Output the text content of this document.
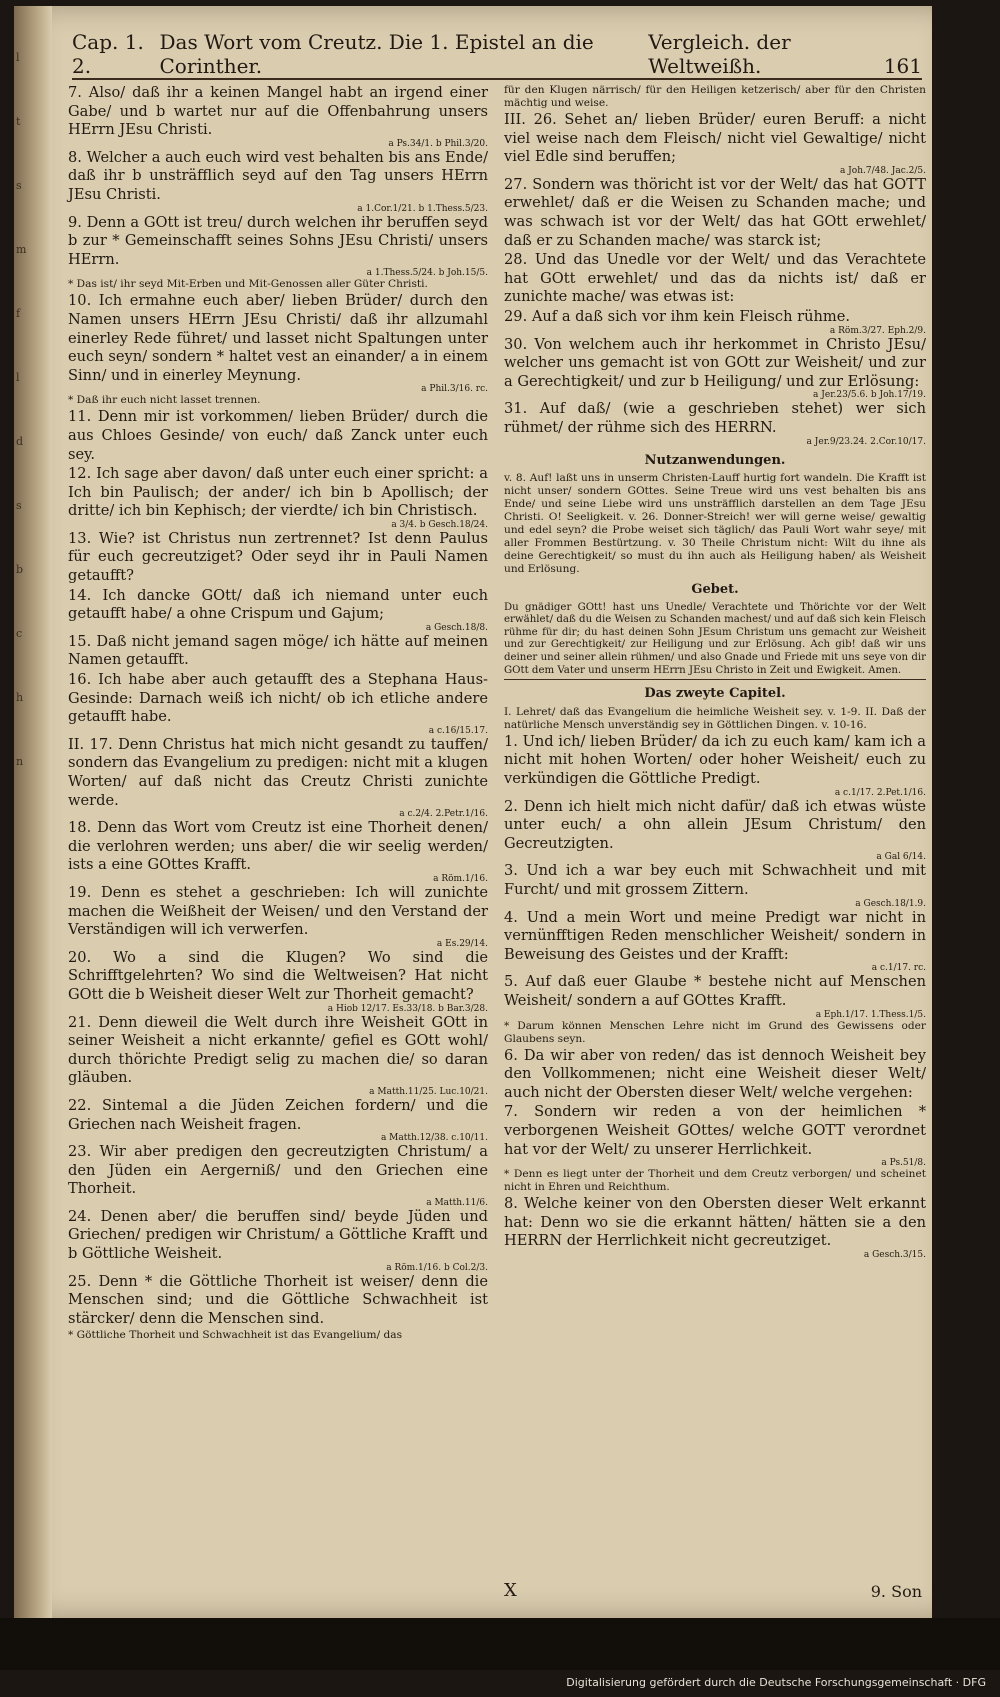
l
t
s
m
f
l
d
s
b
c
h
n
Cap. 1. 2.
Das Wort vom Creutz. Die 1. Epistel an die Corinther.
Vergleich. der Weltweißh.	161

7. Also/ daß ihr a keinen Mangel habt an irgend einer Gabe/ und b wartet nur auf die Offenbahrung unsers HErrn JEsu Christi.

a Ps.34/1. b Phil.3/20.

8. Welcher a auch euch wird vest behalten bis ans Ende/ daß ihr b unsträfflich seyd auf den Tag unsers HErrn JEsu Christi.

a 1.Cor.1/21. b 1.Thess.5/23.

9. Denn a GOtt ist treu/ durch welchen ihr beruffen seyd b zur * Gemeinschafft seines Sohns JEsu Christi/ unsers HErrn.

a 1.Thess.5/24. b Joh.15/5.

* Das ist/ ihr seyd Mit-Erben und Mit-Genossen aller Güter Christi.

10. Ich ermahne euch aber/ lieben Brüder/ durch den Namen unsers HErrn JEsu Christi/ daß ihr allzumahl einerley Rede führet/ und lasset nicht Spaltungen unter euch seyn/ sondern * haltet vest an einander/ a in einem Sinn/ und in einerley Meynung.

a Phil.3/16. rc.

* Daß ihr euch nicht lasset trennen.

11. Denn mir ist vorkommen/ lieben Brüder/ durch die aus Chloes Gesinde/ von euch/ daß Zanck unter euch sey.

12. Ich sage aber davon/ daß unter euch einer spricht: a Ich bin Paulisch; der ander/ ich bin b Apollisch; der dritte/ ich bin Kephisch; der vierdte/ ich bin Christisch.

a 3/4. b Gesch.18/24.

13. Wie? ist Christus nun zertrennet? Ist denn Paulus für euch gecreutziget? Oder seyd ihr in Pauli Namen getaufft?

14. Ich dancke GOtt/ daß ich niemand unter euch getaufft habe/ a ohne Crispum und Gajum;

a Gesch.18/8.

15. Daß nicht jemand sagen möge/ ich hätte auf meinen Namen getaufft.

16. Ich habe aber auch getaufft des a Stephana Haus-Gesinde: Darnach weiß ich nicht/ ob ich etliche andere getaufft habe.

a c.16/15.17.

II. 17. Denn Christus hat mich nicht gesandt zu tauffen/ sondern das Evangelium zu predigen: nicht mit a klugen Worten/ auf daß nicht das Creutz Christi zunichte werde.

a c.2/4. 2.Petr.1/16.

18. Denn das Wort vom Creutz ist eine Thorheit denen/ die verlohren werden; uns aber/ die wir seelig werden/ ists a eine GOttes Krafft.

a Röm.1/16.

19. Denn es stehet a geschrieben: Ich will zunichte machen die Weißheit der Weisen/ und den Verstand der Verständigen will ich verwerfen.

a Es.29/14.

20. Wo a sind die Klugen? Wo sind die Schrifftgelehrten? Wo sind die Weltweisen? Hat nicht GOtt die b Weisheit dieser Welt zur Thorheit gemacht?

a Hiob 12/17. Es.33/18. b Bar.3/28.

21. Denn dieweil die Welt durch ihre Weisheit GOtt in seiner Weisheit a nicht erkannte/ gefiel es GOtt wohl/ durch thörichte Predigt selig zu machen die/ so daran gläuben.

a Matth.11/25. Luc.10/21.

22. Sintemal a die Jüden Zeichen fordern/ und die Griechen nach Weisheit fragen.

a Matth.12/38. c.10/11.

23. Wir aber predigen den gecreutzigten Christum/ a den Jüden ein Aergerniß/ und den Griechen eine Thorheit.

a Matth.11/6.

24. Denen aber/ die beruffen sind/ beyde Jüden und Griechen/ predigen wir Christum/ a Göttliche Krafft und b Göttliche Weisheit.

a Röm.1/16. b Col.2/3.

25. Denn * die Göttliche Thorheit ist weiser/ denn die Menschen sind; und die Göttliche Schwachheit ist stärcker/ denn die Menschen sind.

* Göttliche Thorheit und Schwachheit ist das Evangelium/ das

für den Klugen närrisch/ für den Heiligen ketzerisch/ aber für den Christen mächtig und weise.

III. 26. Sehet an/ lieben Brüder/ euren Beruff: a nicht viel weise nach dem Fleisch/ nicht viel Gewaltige/ nicht viel Edle sind beruffen;

a Joh.7/48. Jac.2/5.

27. Sondern was thöricht ist vor der Welt/ das hat GOTT erwehlet/ daß er die Weisen zu Schanden mache; und was schwach ist vor der Welt/ das hat GOtt erwehlet/ daß er zu Schanden mache/ was starck ist;

28. Und das Unedle vor der Welt/ und das Verachtete hat GOtt erwehlet/ und das da nichts ist/ daß er zunichte mache/ was etwas ist:

29. Auf a daß sich vor ihm kein Fleisch rühme.

a Röm.3/27. Eph.2/9.

30. Von welchem auch ihr herkommet in Christo JEsu/ welcher uns gemacht ist von GOtt zur Weisheit/ und zur a Gerechtigkeit/ und zur b Heiligung/ und zur Erlösung:

a Jer.23/5.6. b Joh.17/19.

31. Auf daß/ (wie a geschrieben stehet) wer sich rühmet/ der rühme sich des HERRN.

a Jer.9/23.24. 2.Cor.10/17.
Nutzanwendungen.

v. 8. Auf! laßt uns in unserm Christen-Lauff hurtig fort wandeln. Die Krafft ist nicht unser/ sondern GOttes. Seine Treue wird uns vest behalten bis ans Ende/ und seine Liebe wird uns unsträfflich darstellen an dem Tage JEsu Christi. O! Seeligkeit. v. 26. Donner-Streich! wer will gerne weise/ gewaltig und edel seyn? die Probe weiset sich täglich/ das Pauli Wort wahr seye/ mit aller Frommen Bestürtzung. v. 30 Theile Christum nicht: Wilt du ihne als deine Gerechtigkeit/ so must du ihn auch als Heiligung haben/ als Weisheit und Erlösung.

Gebet.

Du gnädiger GOtt! hast uns Unedle/ Verachtete und Thörichte vor der Welt erwählet/ daß du die Weisen zu Schanden machest/ und auf daß sich kein Fleisch rühme für dir; du hast deinen Sohn JEsum Christum uns gemacht zur Weisheit und zur Gerechtigkeit/ zur Heiligung und zur Erlösung. Ach gib! daß wir uns deiner und seiner allein rühmen/ und also Gnade und Friede mit uns seye von dir GOtt dem Vater und unserm HErrn JEsu Christo in Zeit und Ewigkeit. Amen.

Das zweyte Capitel.

I. Lehret/ daß das Evangelium die heimliche Weisheit sey. v. 1-9. II. Daß der natürliche Mensch unverständig sey in Göttlichen Dingen. v. 10-16.

1. Und ich/ lieben Brüder/ da ich zu euch kam/ kam ich a nicht mit hohen Worten/ oder hoher Weisheit/ euch zu verkündigen die Göttliche Predigt.

a c.1/17. 2.Pet.1/16.

2. Denn ich hielt mich nicht dafür/ daß ich etwas wüste unter euch/ a ohn allein JEsum Christum/ den Gecreutzigten.

a Gal 6/14.

3. Und ich a war bey euch mit Schwachheit und mit Furcht/ und mit grossem Zittern.

a Gesch.18/1.9.

4. Und a mein Wort und meine Predigt war nicht in vernünfftigen Reden menschlicher Weisheit/ sondern in Beweisung des Geistes und der Krafft:

a c.1/17. rc.

5. Auf daß euer Glaube * bestehe nicht auf Menschen Weisheit/ sondern a auf GOttes Krafft.

a Eph.1/17. 1.Thess.1/5.

* Darum können Menschen Lehre nicht im Grund des Gewissens oder Glaubens seyn.

6. Da wir aber von reden/ das ist dennoch Weisheit bey den Vollkommenen; nicht eine Weisheit dieser Welt/ auch nicht der Obersten dieser Welt/ welche vergehen:

7. Sondern wir reden a von der heimlichen * verborgenen Weisheit GOttes/ welche GOTT verordnet hat vor der Welt/ zu unserer Herrlichkeit.

a Ps.51/8.

* Denn es liegt unter der Thorheit und dem Creutz verborgen/ und scheinet nicht in Ehren und Reichthum.

8. Welche keiner von den Obersten dieser Welt erkannt hat: Denn wo sie die erkannt hätten/ hätten sie a den HERRN der Herrlichkeit nicht gecreutziget.

a Gesch.3/15.
X	9. Son
Digitalisierung gefördert durch die Deutsche Forschungsgemeinschaft · DFG
